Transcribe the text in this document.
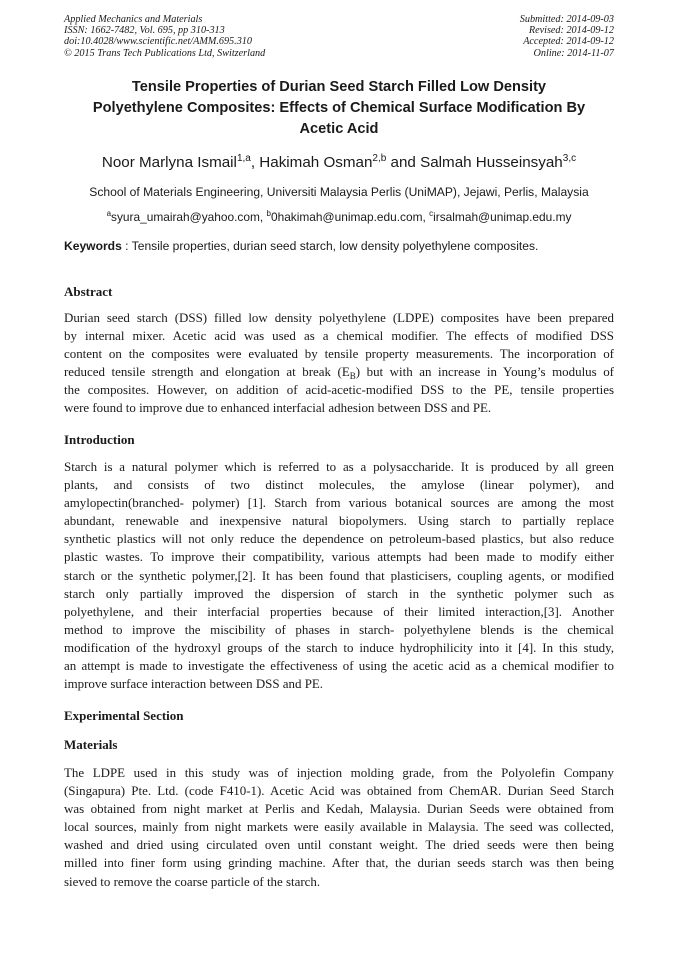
Applied Mechanics and Materials
ISSN: 1662-7482, Vol. 695, pp 310-313
doi:10.4028/www.scientific.net/AMM.695.310
© 2015 Trans Tech Publications Ltd, Switzerland
Submitted: 2014-09-03
Revised: 2014-09-12
Accepted: 2014-09-12
Online: 2014-11-07
Tensile Properties of Durian Seed Starch Filled Low Density
Polyethylene Composites: Effects of Chemical Surface Modification By
Acetic Acid
Noor Marlyna Ismail$^{1,a}$, Hakimah Osman$^{2,b}$ and Salmah Husseinsyah$^{3,c}$
School of Materials Engineering, Universiti Malaysia Perlis (UniMAP), Jejawi, Perlis, Malaysia
$^a$syura_umairah@yahoo.com, $^b$0hakimah@unimap.edu.com, $^c$irsalmah@unimap.edu.my
Keywords : Tensile properties, durian seed starch, low density polyethylene composites.
Abstract
Durian seed starch (DSS) filled low density polyethylene (LDPE) composites have been prepared
by internal mixer. Acetic acid was used as a chemical modifier. The effects of modified DSS
content on the composites were evaluated by tensile property measurements. The incorporation of
reduced tensile strength and elongation at break $(E_B)$ but with an increase in Young’s modulus of
the composites. However, on addition of acid-acetic-modified DSS to the PE, tensile properties
were found to improve due to enhanced interfacial adhesion between DSS and PE.
Introduction
Starch is a natural polymer which is referred to as a polysaccharide. It is produced by all green
plants, and consists of two distinct molecules, the amylose (linear polymer), and
amylopectin(branched- polymer) [1]. Starch from various botanical sources are among the most
abundant, renewable and inexpensive natural biopolymers. Using starch to partially replace
synthetic plastics will not only reduce the dependence on petroleum-based plastics, but also reduce
plastic wastes. To improve their compatibility, various attempts had been made to modify either
starch or the synthetic polymer,[2]. It has been found that plasticisers, coupling agents, or modified
starch only partially improved the dispersion of starch in the synthetic polymer such as
polyethylene, and their interfacial properties because of their limited interaction,[3]. Another
method to improve the miscibility of phases in starch- polyethylene blends is the chemical
modification of the hydroxyl groups of the starch to induce hydrophilicity into it [4]. In this study,
an attempt is made to investigate the effectiveness of using the acetic acid as a chemical modifier to
improve surface interaction between DSS and PE.
Experimental Section
Materials
The LDPE used in this study was of injection molding grade, from the Polyolefin Company
(Singapura) Pte. Ltd. (code F410-1). Acetic Acid was obtained from ChemAR. Durian Seed Starch
was obtained from night market at Perlis and Kedah, Malaysia. Durian Seeds were obtained from
local sources, mainly from night markets were easily available in Malaysia. The seed was collected,
washed and dried using circulated oven until constant weight. The dried seeds were then being
milled into finer form using grinding machine. After that, the durian seeds starch was then being
sieved to remove the coarse particle of the starch.
